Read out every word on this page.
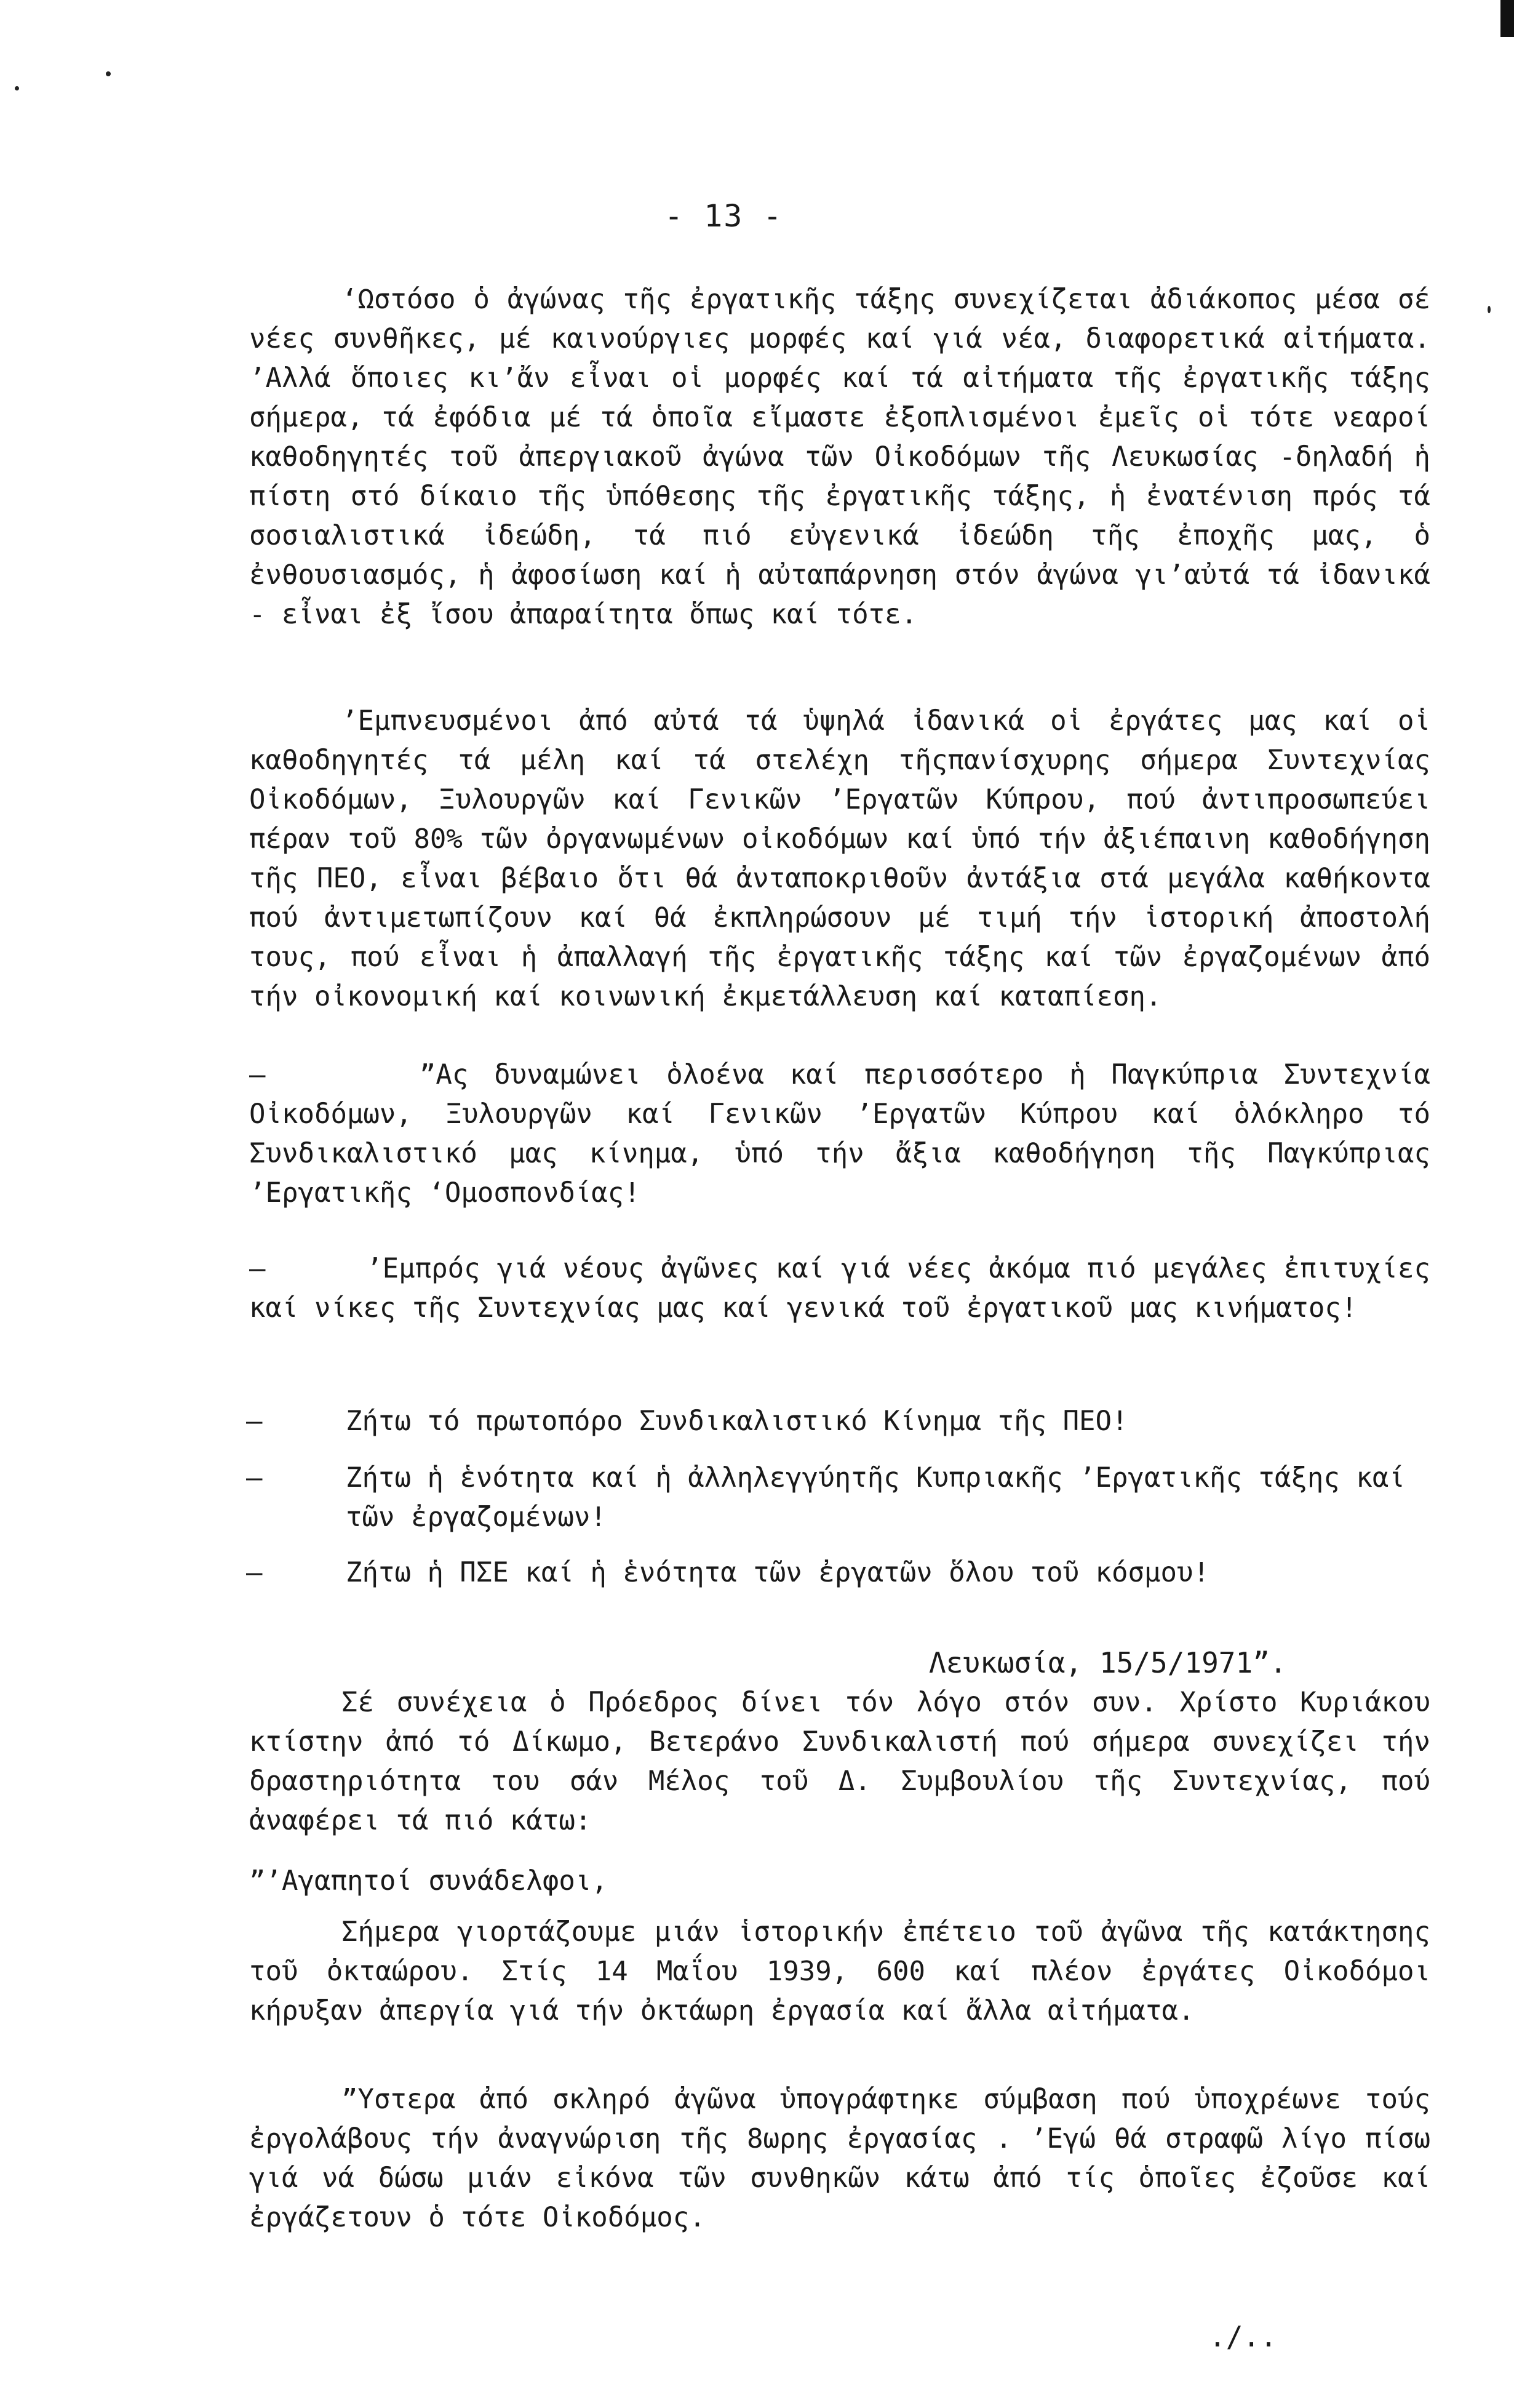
- 13 -

‘Ωστόσο ὁ ἀγώνας τῆς ἐργατικῆς τάξης συνεχίζεται ἀδιάκοπος μέσα σέ νέες συνθῆκες, μέ καινούργιες μορφές καί γιά νέα, διαφορετικά αἰτήματα. ’Αλλά ὅποιες κι’ἄν εἶναι οἱ μορφές καί τά αἰτήματα τῆς ἐργατικῆς τάξης σήμερα, τά ἐφόδια μέ τά ὁποῖα εἴμαστε ἐξοπλισμένοι ἐμεῖς οἱ τότε νεαροί καθοδηγητές τοῦ ἀπεργιακοῦ ἀγώνα τῶν Οἰκοδόμων τῆς Λευκωσίας -δηλαδή ἡ πίστη στό δίκαιο τῆς ὑπόθεσης τῆς ἐργατικῆς τάξης, ἡ ἐνατένιση πρός τά σοσιαλιστικά ἰδεώδη, τά πιό εὐγενικά ἰδεώδη τῆς ἐποχῆς μας, ὁ ἐνθουσιασμός, ἡ ἀφοσίωση καί ἡ αὐταπάρνηση στόν ἀγώνα γι’αὐτά τά ἰδανικά - εἶναι ἐξ ἴσου ἀπαραίτητα ὅπως καί τότε.

’Εμπνευσμένοι ἀπό αὐτά τά ὑψηλά ἰδανικά οἱ ἐργάτες μας καί οἱ καθοδηγητές τά μέλη καί τά στελέχη τῆςπανίσχυρης σήμερα Συντεχνίας Οἰκοδόμων, Ξυλουργῶν καί Γενικῶν ’Εργατῶν Κύπρου, πού ἀντιπροσωπεύει πέραν τοῦ 80% τῶν ὀργανωμένων οἰκοδόμων καί ὑπό τήν ἀξιέπαινη καθοδήγηση τῆς ΠΕΟ, εἶναι βέβαιο ὅτι θά ἀνταποκριθοῦν ἀντάξια στά μεγάλα καθήκοντα πού ἀντιμετωπίζουν καί θά ἐκπληρώσουν μέ τιμή τήν ἱστορική ἀποστολή τους, πού εἶναι ἡ ἀπαλλαγή τῆς ἐργατικῆς τάξης καί τῶν ἐργαζομένων ἀπό τήν οἰκονομική καί κοινωνική ἐκμετάλλευση καί καταπίεση.

–      ”Ας δυναμώνει ὁλοένα καί περισσότερο ἡ Παγκύπρια Συντεχνία Οἰκοδόμων, Ξυλουργῶν καί Γενικῶν ’Εργατῶν Κύπρου καί ὁλόκληρο τό Συνδικαλιστικό μας κίνημα, ὑπό τήν ἄξια καθοδήγηση τῆς Παγκύπριας ’Εργατικῆς ‘Ομοσπονδίας!

–      ’Εμπρός γιά νέους ἀγῶνες καί γιά νέες ἀκόμα πιό μεγάλες ἐπιτυχίες καί νίκες τῆς Συντεχνίας μας καί γενικά τοῦ ἐργατικοῦ μας κινήματος!

–	Ζήτω τό πρωτοπόρο Συνδικαλιστικό Κίνημα τῆς ΠΕΟ!

–	Ζήτω ἡ ἑνότητα καί ἡ ἀλληλεγγύητῆς Κυπριακῆς ’Εργατικῆς τάξης καί τῶν ἐργαζομένων!

–	Ζήτω ἡ ΠΣΕ καί ἡ ἑνότητα τῶν ἐργατῶν ὅλου τοῦ κόσμου!

Λευκωσία, 15/5/1971”.

Σέ συνέχεια ὁ Πρόεδρος δίνει τόν λόγο στόν συν. Χρίστο Κυριάκου κτίστην ἀπό τό Δίκωμο, Βετεράνο Συνδικαλιστή πού σήμερα συνεχίζει τήν δραστηριότητα του σάν Μέλος τοῦ Δ. Συμβουλίου τῆς Συντεχνίας, πού ἀναφέρει τά πιό κάτω:

”’Αγαπητοί συνάδελφοι,

Σήμερα γιορτάζουμε μιάν ἱστορικήν ἐπέτειο τοῦ ἀγῶνα τῆς κατάκτησης τοῦ ὀκταώρου. Στίς 14 Μαΐου 1939, 600 καί πλέον ἐργάτες Οἰκοδόμοι κήρυξαν ἀπεργία γιά τήν ὀκτάωρη ἐργασία καί ἄλλα αἰτήματα.

”Υστερα ἀπό σκληρό ἀγῶνα ὑπογράφτηκε σύμβαση πού ὑποχρέωνε τούς ἐργολάβους τήν ἀναγνώριση τῆς 8ωρης ἐργασίας . ’Εγώ θά στραφῶ λίγο πίσω γιά νά δώσω μιάν εἰκόνα τῶν συνθηκῶν κάτω ἀπό τίς ὁποῖες ἐζοῦσε καί ἐργάζετουν ὁ τότε Οἰκοδόμος.

./..
